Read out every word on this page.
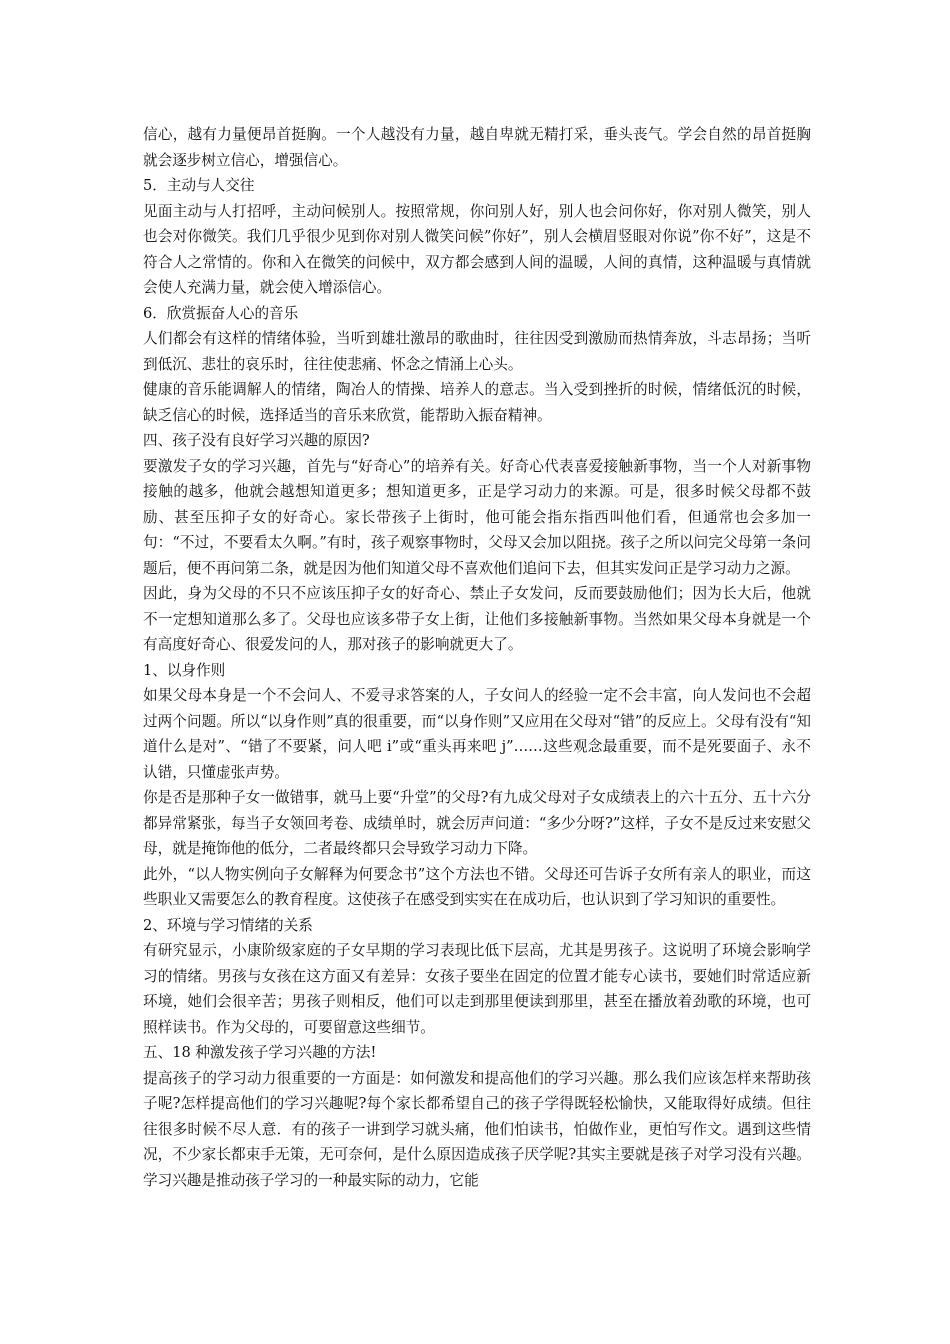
信心，越有力量便昂首挺胸。一个人越没有力量，越自卑就无精打采，垂头丧气。学会自然的昂首挺胸就会逐步树立信心，增强信心。

5．主动与人交往

见面主动与人打招呼，主动问候别人。按照常规，你问别人好，别人也会问你好，你对别人微笑，别人也会对你微笑。我们几乎很少见到你对别人微笑问候”你好”，别人会横眉竖眼对你说”你不好”，这是不符合人之常情的。你和入在微笑的问候中，双方都会感到人间的温暖，人间的真情，这种温暖与真情就会使人充满力量，就会使入增添信心。

6．欣赏振奋人心的音乐

人们都会有这样的情绪体验，当听到雄壮激昂的歌曲时，往往因受到激励而热情奔放，斗志昂扬；当听到低沉、悲壮的哀乐时，往往使悲痛、怀念之情涌上心头。

健康的音乐能调解人的情绪，陶冶人的情操、培养人的意志。当入受到挫折的时候，情绪低沉的时候，缺乏信心的时候，选择适当的音乐来欣赏，能帮助入振奋精神。

四、孩子没有良好学习兴趣的原因?

要激发子女的学习兴趣，首先与“好奇心”的培养有关。好奇心代表喜爱接触新事物，当一个人对新事物接触的越多，他就会越想知道更多；想知道更多，正是学习动力的来源。可是，很多时候父母都不鼓励、甚至压抑子女的好奇心。家长带孩子上街时，他可能会指东指西叫他们看，但通常也会多加一句：“不过，不要看太久啊。”有时，孩子观察事物时，父母又会加以阻挠。孩子之所以问完父母第一条问题后，便不再问第二条，就是因为他们知道父母不喜欢他们追问下去，但其实发问正是学习动力之源。

因此，身为父母的不只不应该压抑子女的好奇心、禁止子女发问，反而要鼓励他们；因为长大后，他就不一定想知道那么多了。父母也应该多带子女上街，让他们多接触新事物。当然如果父母本身就是一个有高度好奇心、很爱发问的人，那对孩子的影响就更大了。

1、以身作则

如果父母本身是一个不会问人、不爱寻求答案的人，子女问人的经验一定不会丰富，向人发问也不会超过两个问题。所以“以身作则”真的很重要，而“以身作则”又应用在父母对“错”的反应上。父母有没有“知道什么是对”、“错了不要紧，问人吧 i”或“重头再来吧 j”……这些观念最重要，而不是死要面子、永不认错，只懂虚张声势。

你是否是那种子女一做错事，就马上要“升堂”的父母?有九成父母对子女成绩表上的六十五分、五十六分都异常紧张，每当子女领回考卷、成绩单时，就会厉声问道：“多少分呀?”这样，子女不是反过来安慰父母，就是掩饰他的低分，二者最终都只会导致学习动力下降。

此外，“以人物实例向子女解释为何要念书”这个方法也不错。父母还可告诉子女所有亲人的职业，而这些职业又需要怎么的教育程度。这使孩子在感受到实实在在成功后，也认识到了学习知识的重要性。

2、环境与学习情绪的关系

有研究显示，小康阶级家庭的子女早期的学习表现比低下层高，尤其是男孩子。这说明了环境会影响学习的情绪。男孩与女孩在这方面又有差异：女孩子要坐在固定的位置才能专心读书，要她们时常适应新环境，她们会很辛苦；男孩子则相反，他们可以走到那里便读到那里，甚至在播放着劲歌的环境，也可照样读书。作为父母的，可要留意这些细节。

五、18 种激发孩子学习兴趣的方法!

提高孩子的学习动力很重要的一方面是：如何激发和提高他们的学习兴趣。那么我们应该怎样来帮助孩子呢?怎样提高他们的学习兴趣呢?每个家长都希望自己的孩子学得既轻松愉快，又能取得好成绩。但往往很多时候不尽人意．有的孩子一讲到学习就头痛，他们怕读书，怕做作业，更怕写作文。遇到这些情况，不少家长都束手无策，无可奈何，是什么原因造成孩子厌学呢?其实主要就是孩子对学习没有兴趣。学习兴趣是推动孩子学习的一种最实际的动力，它能
